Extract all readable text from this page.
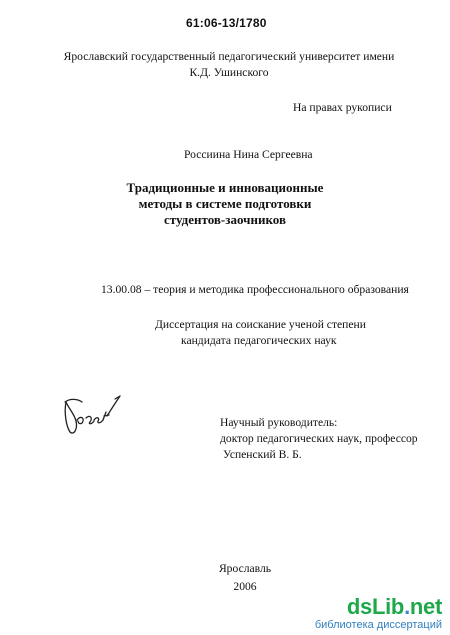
61:06-13/1780
Ярославский государственный педагогический университет имени
К.Д. Ушинского
На правах рукописи
Россиина Нина Сергеевна
Традиционные и инновационные
методы в системе подготовки
студентов-заочников
13.00.08 – теория и методика профессионального образования
Диссертация на соискание ученой степени
кандидата педагогических наук
Научный руководитель:
доктор педагогических наук, профессор
Успенский В. Б.
Ярославль
2006
dsLib.net
библиотека диссертаций
